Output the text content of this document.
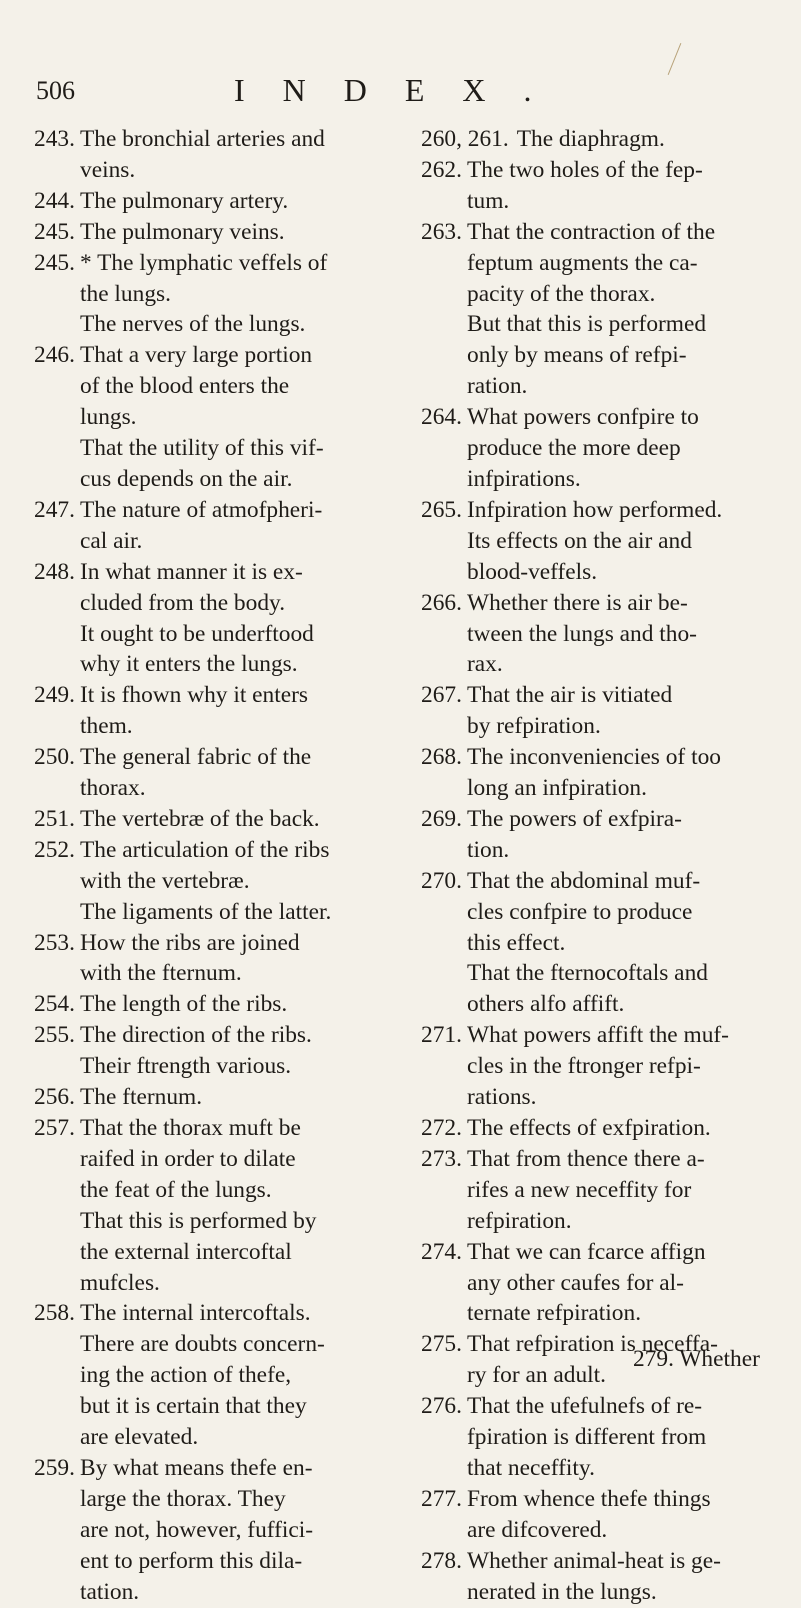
506	INDEX.
243. The bronchial arteries and
veins.
244. The pulmonary artery.
245. The pulmonary veins.
245. * The lymphatic veffels of
the lungs.
The nerves of the lungs.
246. That a very large portion
of the blood enters the
lungs.
That the utility of this vif-
cus depends on the air.
247. The nature of atmofpheri-
cal air.
248. In what manner it is ex-
cluded from the body.
It ought to be underftood
why it enters the lungs.
249. It is fhown why it enters
them.
250. The general fabric of the
thorax.
251. The vertebræ of the back.
252. The articulation of the ribs
with the vertebræ.
The ligaments of the latter.
253. How the ribs are joined
with the fternum.
254. The length of the ribs.
255. The direction of the ribs.
Their ftrength various.
256. The fternum.
257. That the thorax muft be
raifed in order to dilate
the feat of the lungs.
That this is performed by
the external intercoftal
mufcles.
258. The internal intercoftals.
There are doubts concern-
ing the action of thefe,
but it is certain that they
are elevated.
259. By what means thefe en-
large the thorax. They
are not, however, fuffici-
ent to perform this dila-
tation.
260, 261. The diaphragm.
262. The two holes of the fep-
tum.
263. That the contraction of the
feptum augments the ca-
pacity of the thorax.
But that this is performed
only by means of refpi-
ration.
264. What powers confpire to
produce the more deep
infpirations.
265. Infpiration how performed.
Its effects on the air and
blood-veffels.
266. Whether there is air be-
tween the lungs and tho-
rax.
267. That the air is vitiated
by refpiration.
268. The inconveniencies of too
long an infpiration.
269. The powers of exfpira-
tion.
270. That the abdominal muf-
cles confpire to produce
this effect.
That the fternocoftals and
others alfo affift.
271. What powers affift the muf-
cles in the ftronger refpi-
rations.
272. The effects of exfpiration.
273. That from thence there a-
rifes a new neceffity for
refpiration.
274. That we can fcarce affign
any other caufes for al-
ternate refpiration.
275. That refpiration is neceffa-
ry for an adult.
276. That the ufefulnefs of re-
fpiration is different from
that neceffity.
277. From whence thefe things
are difcovered.
278. Whether animal-heat is ge-
nerated in the lungs.
279. Whether
